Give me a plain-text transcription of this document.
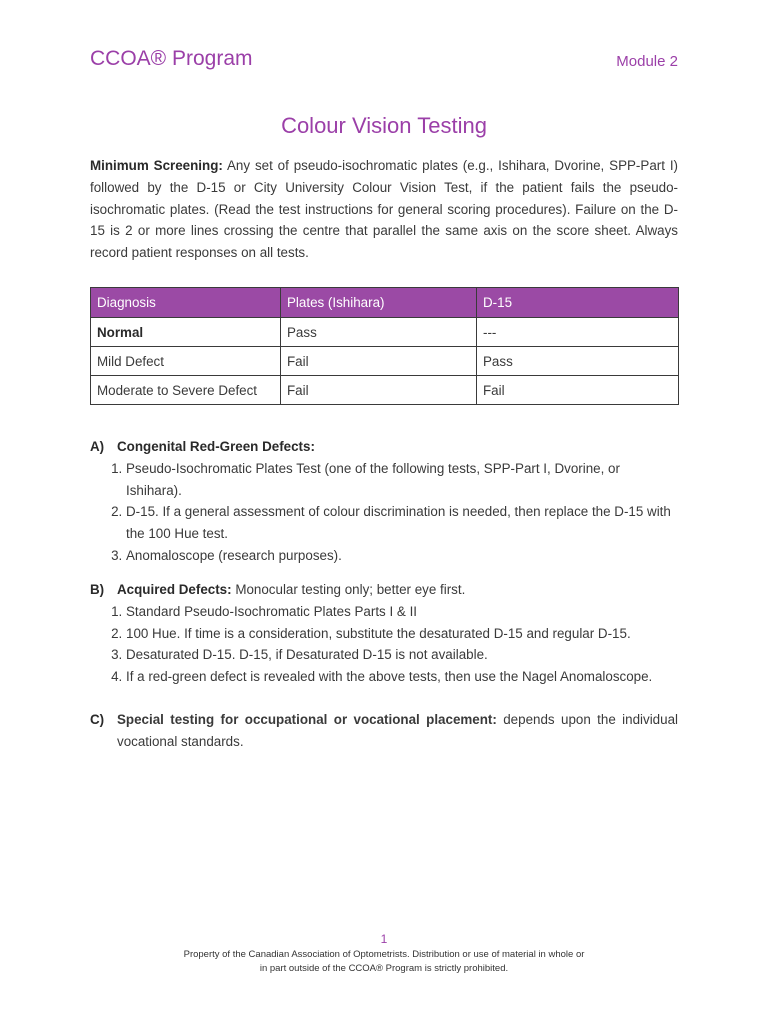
CCOA® Program	Module 2
Colour Vision Testing
Minimum Screening: Any set of pseudo-isochromatic plates (e.g., Ishihara, Dvorine, SPP-Part I) followed by the D-15 or City University Colour Vision Test, if the patient fails the pseudo-isochromatic plates. (Read the test instructions for general scoring procedures). Failure on the D-15 is 2 or more lines crossing the centre that parallel the same axis on the score sheet. Always record patient responses on all tests.
Diagnosis	Plates (Ishihara)	D-15
Normal	Pass	---
Mild Defect	Fail	Pass
Moderate to Severe Defect	Fail	Fail
A) Congenital Red-Green Defects:
1. Pseudo-Isochromatic Plates Test (one of the following tests, SPP-Part I, Dvorine, or Ishihara).
2. D-15. If a general assessment of colour discrimination is needed, then replace the D-15 with the 100 Hue test.
3. Anomaloscope (research purposes).
B) Acquired Defects: Monocular testing only; better eye first.
1. Standard Pseudo-Isochromatic Plates Parts I & II
2. 100 Hue. If time is a consideration, substitute the desaturated D-15 and regular D-15.
3. Desaturated D-15. D-15, if Desaturated D-15 is not available.
4. If a red-green defect is revealed with the above tests, then use the Nagel Anomaloscope.
C) Special testing for occupational or vocational placement: depends upon the individual vocational standards.
1
Property of the Canadian Association of Optometrists. Distribution or use of material in whole or
in part outside of the CCOA® Program is strictly prohibited.
